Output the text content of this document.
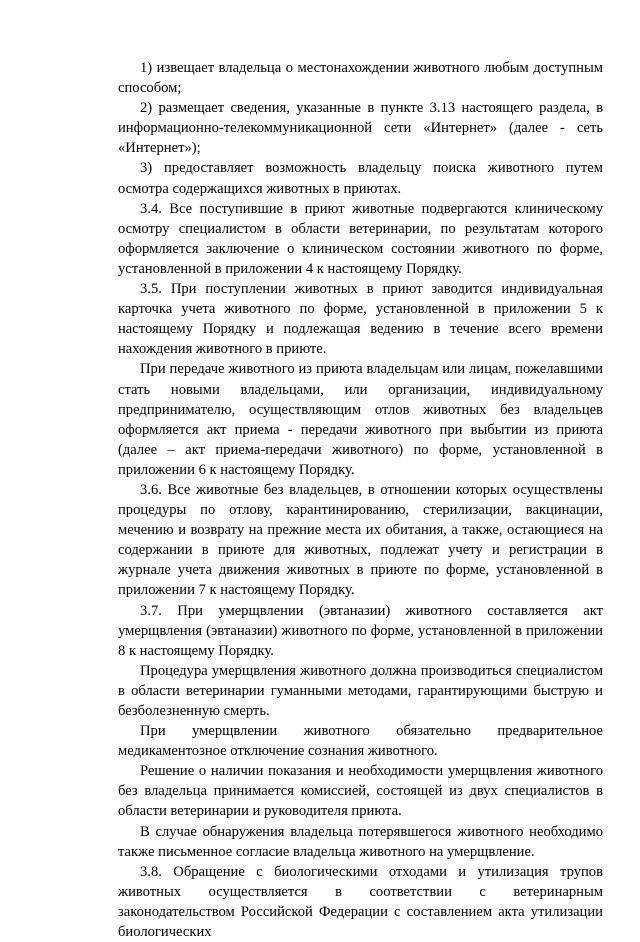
1) извещает владельца о местонахождении животного любым доступным способом;

2) размещает сведения, указанные в пункте 3.13 настоящего раздела, в информационно-телекоммуникационной сети «Интернет» (далее - сеть «Интернет»);

3) предоставляет возможность владельцу поиска животного путем осмотра содержащихся животных в приютах.

3.4. Все поступившие в приют животные подвергаются клиническому осмотру специалистом в области ветеринарии, по результатам которого оформляется заключение о клиническом состоянии животного по форме, установленной в приложении 4 к настоящему Порядку.

3.5. При поступлении животных в приют заводится индивидуальная карточка учета животного по форме, установленной в приложении 5 к настоящему Порядку и подлежащая ведению в течение всего времени нахождения животного в приюте.

При передаче животного из приюта владельцам или лицам, пожелавшими стать новыми владельцами, или организации, индивидуальному предпринимателю, осуществляющим отлов животных без владельцев оформляется акт приема - передачи животного при выбытии из приюта (далее – акт приема-передачи животного) по форме, установленной в приложении 6 к настоящему Порядку.

3.6. Все животные без владельцев, в отношении которых осуществлены процедуры по отлову, карантинированию, стерилизации, вакцинации, мечению и возврату на прежние места их обитания, а также, остающиеся на содержании в приюте для животных, подлежат учету и регистрации в журнале учета движения животных в приюте по форме, установленной в приложении 7 к настоящему Порядку.

3.7. При умерщвлении (эвтаназии) животного составляется акт умерщвления (эвтаназии) животного по форме, установленной в приложении 8 к настоящему Порядку.

Процедура умерщвления животного должна производиться специалистом в области ветеринарии гуманными методами, гарантирующими быструю и безболезненную смерть.

При умерщвлении животного обязательно предварительное медикаментозное отключение сознания животного.

Решение о наличии показания и необходимости умерщвления животного без владельца принимается комиссией, состоящей из двух специалистов в области ветеринарии и руководителя приюта.

В случае обнаружения владельца потерявшегося животного необходимо также письменное согласие владельца животного на умерщвление.

3.8. Обращение с биологическими отходами и утилизация трупов животных осуществляется в соответствии с ветеринарным законодательством Российской Федерации с составлением акта утилизации биологических
